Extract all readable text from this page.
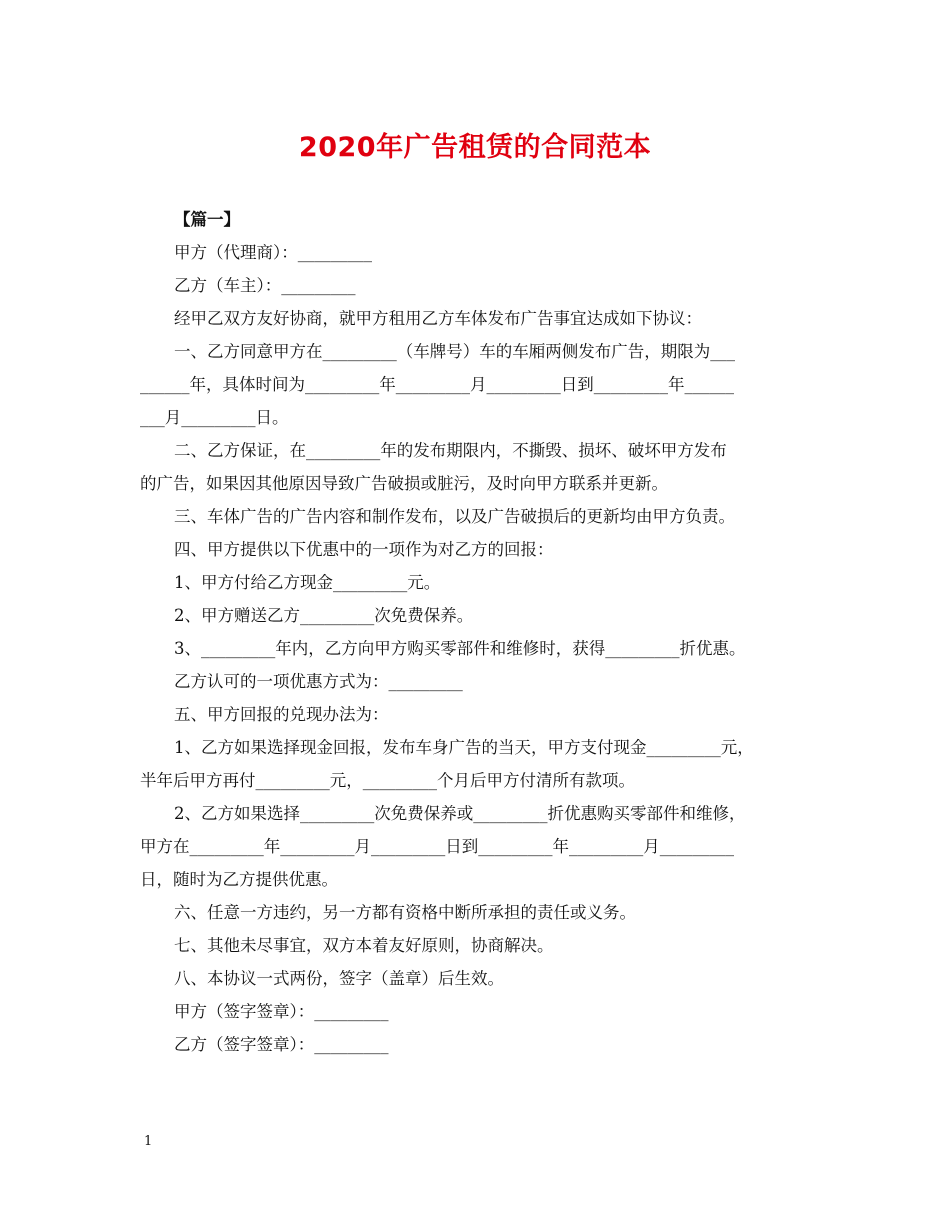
2020年广告租赁的合同范本
【篇一】
甲方（代理商）：_________
乙方（车主）：_________
经甲乙双方友好协商，就甲方租用乙方车体发布广告事宜达成如下协议：
一、乙方同意甲方在_________（车牌号）车的车厢两侧发布广告，期限为___
______年，具体时间为_________年_________月_________日到_________年______
___月_________日。
二、乙方保证，在_________年的发布期限内，不撕毁、损坏、破坏甲方发布
的广告，如果因其他原因导致广告破损或脏污，及时向甲方联系并更新。
三、车体广告的广告内容和制作发布，以及广告破损后的更新均由甲方负责。
四、甲方提供以下优惠中的一项作为对乙方的回报：
1、甲方付给乙方现金_________元。
2、甲方赠送乙方_________次免费保养。
3、_________年内，乙方向甲方购买零部件和维修时，获得_________折优惠。
乙方认可的一项优惠方式为：_________
五、甲方回报的兑现办法为：
1、乙方如果选择现金回报，发布车身广告的当天，甲方支付现金_________元，
半年后甲方再付_________元，_________个月后甲方付清所有款项。
2、乙方如果选择_________次免费保养或_________折优惠购买零部件和维修，
甲方在_________年_________月_________日到_________年_________月_________
日，随时为乙方提供优惠。
六、任意一方违约，另一方都有资格中断所承担的责任或义务。
七、其他未尽事宜，双方本着友好原则，协商解决。
八、本协议一式两份，签字（盖章）后生效。
甲方（签字签章）：_________
乙方（签字签章）：_________
1
